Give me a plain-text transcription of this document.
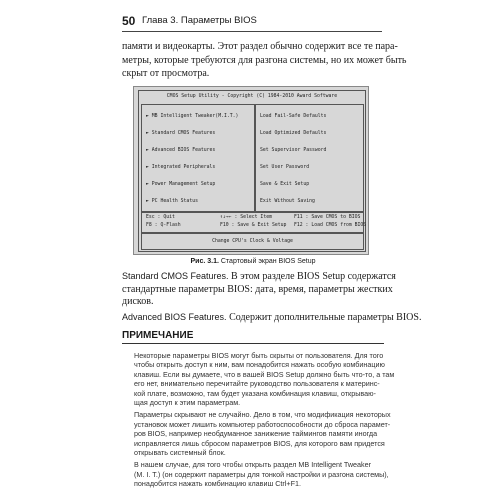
50 Глава 3. Параметры BIOS
памяти и видеокарты. Этот раздел обычно содержит все те пара-
метры, которые требуются для разгона системы, но их может быть
скрыт от просмотра.
CMOS Setup Utility - Copyright (C) 1984-2010 Award Software
► MB Intelligent Tweaker(M.I.T.)
► Standard CMOS Features
► Advanced BIOS Features
► Integrated Peripherals
► Power Management Setup
► PC Health Status
Load Fail-Safe Defaults
Load Optimized Defaults
Set Supervisor Password
Set User Password
Save & Exit Setup
Exit Without Saving
Esc : Quit
F8 : Q-Flash
↑↓→← : Select Item
F10 : Save & Exit Setup
F11 : Save CMOS to BIOS
F12 : Load CMOS from BIOS
Change CPU's Clock & Voltage
Рис. 3.1. Стартовый экран BIOS Setup
Standard CMOS Features. В этом разделе BIOS Setup содержатся
стандартные параметры BIOS: дата, время, параметры жестких
дисков.
Advanced BIOS Features. Содержит дополнительные параметры BIOS.
ПРИМЕЧАНИЕ

Некоторые параметры BIOS могут быть скрыты от пользователя. Для того
чтобы открыть доступ к ним, вам понадобится нажать особую комбинацию
клавиш. Если вы думаете, что в вашей BIOS Setup должно быть что-то, а там
его нет, внимательно перечитайте руководство пользователя к материнс-
кой плате, возможно, там будет указана комбинация клавиш, открываю-
щая доступ к этим параметрам.

Параметры скрывают не случайно. Дело в том, что модификация некоторых
установок может лишить компьютер работоспособности до сброса парамет-
ров BIOS, например необдуманное занижение таймингов памяти иногда
исправляется лишь сбросом параметров BIOS, для которого вам придется
открывать системный блок.

В нашем случае, для того чтобы открыть раздел MB Intelligent Tweaker
(M. I. T.) (он содержит параметры для тонкой настройки и разгона системы),
понадобится нажать комбинацию клавиш Ctrl+F1.
